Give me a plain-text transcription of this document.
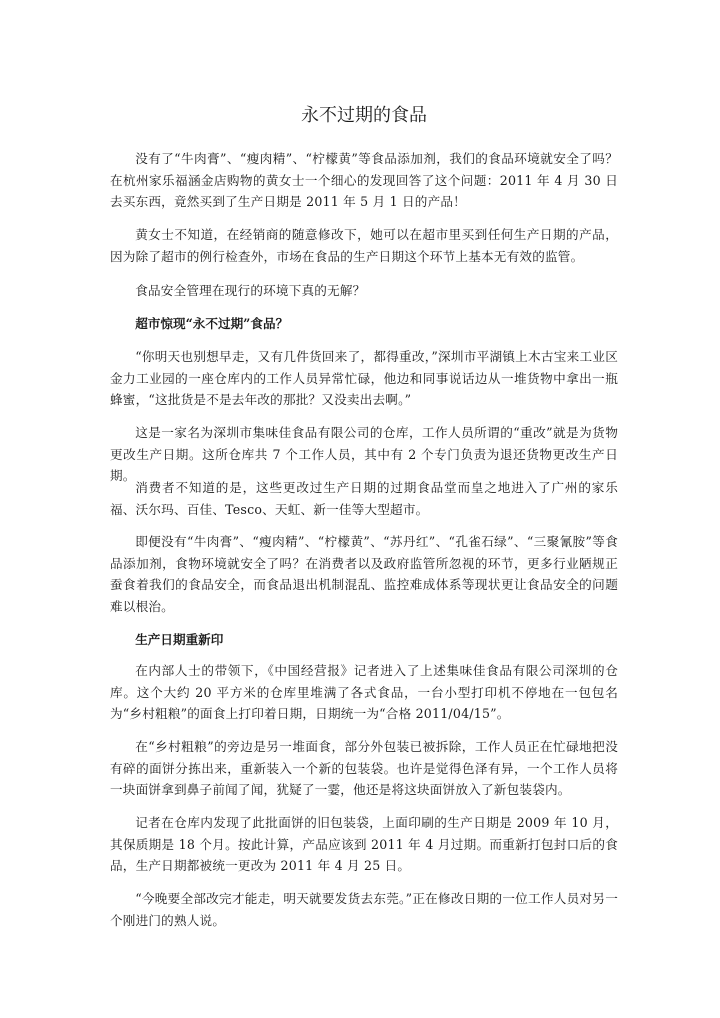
永不过期的食品

没有了“牛肉膏”、“瘦肉精”、“柠檬黄”等食品添加剂，我们的食品环境就安全了吗？在杭州家乐福涵金店购物的黄女士一个细心的发现回答了这个问题：2011 年 4 月 30 日去买东西，竟然买到了生产日期是 2011 年 5 月 1 日的产品！

黄女士不知道，在经销商的随意修改下，她可以在超市里买到任何生产日期的产品，因为除了超市的例行检查外，市场在食品的生产日期这个环节上基本无有效的监管。

食品安全管理在现行的环境下真的无解？

超市惊现“永不过期”食品？

“你明天也别想早走，又有几件货回来了，都得重改，”深圳市平湖镇上木古宝来工业区金力工业园的一座仓库内的工作人员异常忙碌，他边和同事说话边从一堆货物中拿出一瓶蜂蜜，“这批货是不是去年改的那批？又没卖出去啊。”

这是一家名为深圳市集味佳食品有限公司的仓库，工作人员所谓的“重改”就是为货物更改生产日期。这所仓库共 7 个工作人员，其中有 2 个专门负责为退还货物更改生产日期。

消费者不知道的是，这些更改过生产日期的过期食品堂而皇之地进入了广州的家乐福、沃尔玛、百佳、Tesco、天虹、新一佳等大型超市。

即便没有“牛肉膏”、“瘦肉精”、“柠檬黄”、“苏丹红”、“孔雀石绿”、“三聚氰胺”等食品添加剂，食物环境就安全了吗？在消费者以及政府监管所忽视的环节，更多行业陋规正蚕食着我们的食品安全，而食品退出机制混乱、监控难成体系等现状更让食品安全的问题难以根治。

生产日期重新印

在内部人士的带领下，《中国经营报》记者进入了上述集味佳食品有限公司深圳的仓库。这个大约 20 平方米的仓库里堆满了各式食品，一台小型打印机不停地在一包包名为“乡村粗粮”的面食上打印着日期，日期统一为“合格 2011/04/15”。

在“乡村粗粮”的旁边是另一堆面食，部分外包装已被拆除，工作人员正在忙碌地把没有碎的面饼分拣出来，重新装入一个新的包装袋。也许是觉得色泽有异，一个工作人员将一块面饼拿到鼻子前闻了闻，犹疑了一霎，他还是将这块面饼放入了新包装袋内。

记者在仓库内发现了此批面饼的旧包装袋，上面印刷的生产日期是 2009 年 10 月，其保质期是 18 个月。按此计算，产品应该到 2011 年 4 月过期。而重新打包封口后的食品，生产日期都被统一更改为 2011 年 4 月 25 日。

“今晚要全部改完才能走，明天就要发货去东莞。”正在修改日期的一位工作人员对另一个刚进门的熟人说。
